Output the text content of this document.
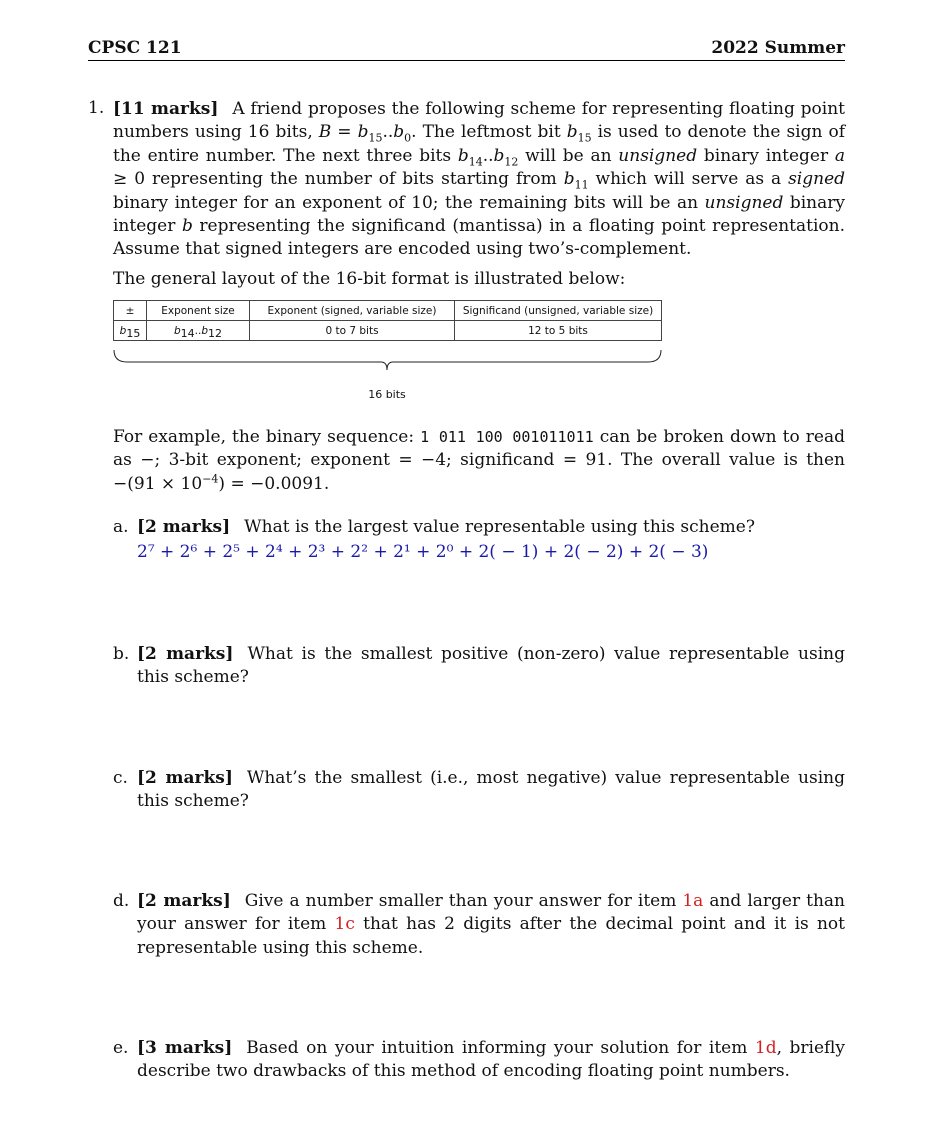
CPSC 121	2022 Summer
1. [11 marks] A friend proposes the following scheme for representing floating point numbers using 16 bits, $B = b_{15}..b_0$. The leftmost bit $b_{15}$ is used to denote the sign of the entire number. The next three bits $b_{14}..b_{12}$ will be an unsigned binary integer a ≥ 0 representing the number of bits starting from $b_{11}$ which will serve as a signed binary integer for an exponent of 10; the remaining bits will be an unsigned binary integer b representing the significand (mantissa) in a floating point representation. Assume that signed integers are encoded using two’s-complement.
The general layout of the 16-bit format is illustrated below:
±	Exponent size	Exponent (signed, variable size)	Significand (unsigned, variable size)
$b_{15}$	$b_{14}..b_{12}$	0 to 7 bits	12 to 5 bits
16 bits
For example, the binary sequence: 1 011 100 001011011 can be broken down to read as −; 3-bit exponent; exponent = −4; significand = 91. The overall value is then $-(91 \times 10^{-4}) = -0.0091$.
a. [2 marks] What is the largest value representable using this scheme?
2⁷ + 2⁶ + 2⁵ + 2⁴ + 2³ + 2² + 2¹ + 2⁰ + 2( − 1) + 2( − 2) + 2( − 3)
b. [2 marks] What is the smallest positive (non-zero) value representable using this scheme?
c. [2 marks] What’s the smallest (i.e., most negative) value representable using this scheme?
d. [2 marks] Give a number smaller than your answer for item 1a and larger than your answer for item 1c that has 2 digits after the decimal point and it is not representable using this scheme.
e. [3 marks] Based on your intuition informing your solution for item 1d, briefly describe two drawbacks of this method of encoding floating point numbers.
